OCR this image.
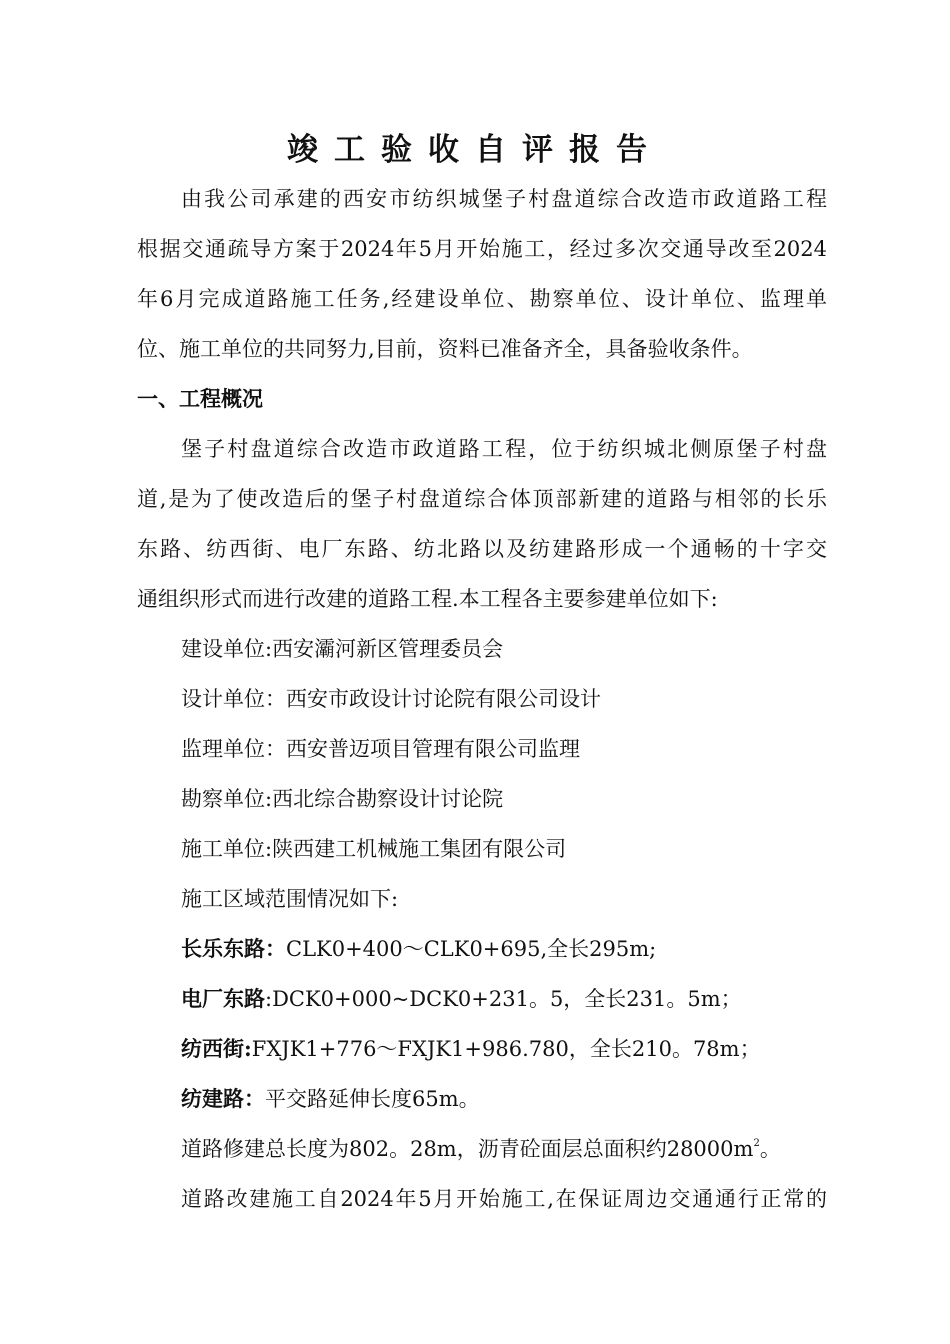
竣工验收自评报告
由我公司承建的西安市纺织城堡子村盘道综合改造市政道路工程
根据交通疏导方案于2024年5月开始施工，经过多次交通导改至2024
年6月完成道路施工任务,经建设单位、勘察单位、设计单位、监理单
位、施工单位的共同努力,目前，资料已准备齐全，具备验收条件。
一、工程概况
堡子村盘道综合改造市政道路工程，位于纺织城北侧原堡子村盘
道,是为了使改造后的堡子村盘道综合体顶部新建的道路与相邻的长乐
东路、纺西街、电厂东路、纺北路以及纺建路形成一个通畅的十字交
通组织形式而进行改建的道路工程.本工程各主要参建单位如下:
建设单位:西安灞河新区管理委员会
设计单位：西安市政设计讨论院有限公司设计
监理单位：西安普迈项目管理有限公司监理
勘察单位:西北综合勘察设计讨论院
施工单位:陕西建工机械施工集团有限公司
施工区域范围情况如下:
长乐东路：CLK0+400～CLK0+695,全长295m;
电厂东路:DCK0+000~DCK0+231。5，全长231。5m；
纺西街:FXJK1+776～FXJK1+986.780，全长210。78m；
纺建路：平交路延伸长度65m。
道路修建总长度为802。28m，沥青砼面层总面积约$28000m^2$。
道路改建施工自2024年5月开始施工,在保证周边交通通行正常的
